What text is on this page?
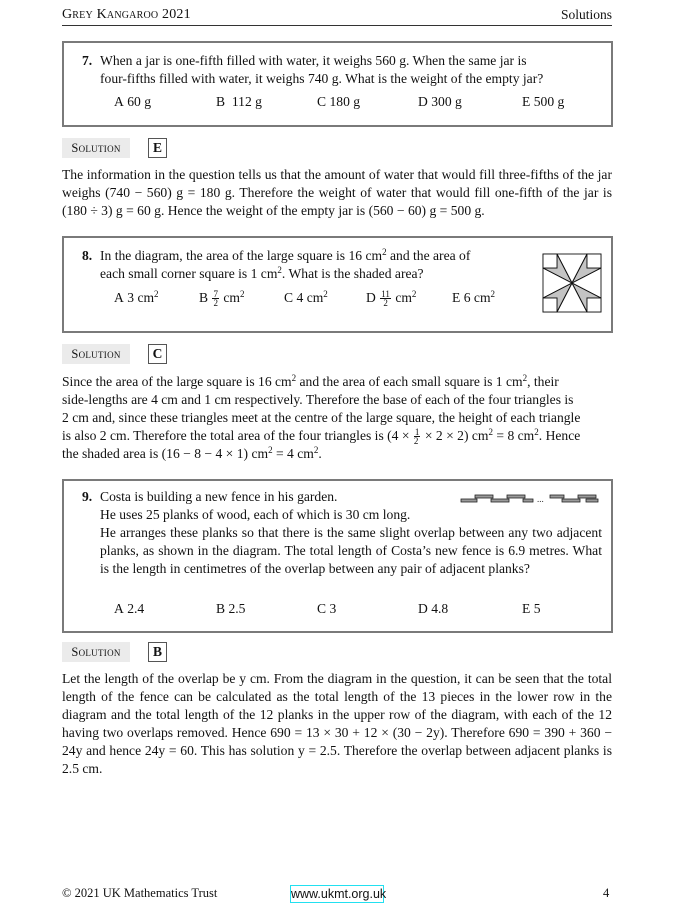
Grey Kangaroo 2021	Solutions
7. When a jar is one-fifth filled with water, it weighs 560 g. When the same jar is
four-fifths filled with water, it weighs 740 g. What is the weight of the empty jar?
A 60 g	B 112 g	C 180 g	D 300 g	E 500 g
Solution	E
The information in the question tells us that the amount of water that would fill three-fifths of the jar weighs (740 − 560) g = 180 g. Therefore the weight of water that would fill one-fifth of the jar is (180 ÷ 3) g = 60 g. Hence the weight of the empty jar is (560 − 60) g = 500 g.
8. In the diagram, the area of the large square is 16 $cm^2$ and the area of
each small corner square is 1 $cm^2$. What is the shaded area?
A 3 $cm^2$	B $\frac{7}{2} cm^2$	C 4 $cm^2$	D $\frac{11}{2} cm^2$	E 6 $cm^2$
Solution	C
Since the area of the large square is 16 $cm^2$ and the area of each small square is 1 $cm^2$, their
side-lengths are 4 cm and 1 cm respectively. Therefore the base of each of the four triangles is
2 cm and, since these triangles meet at the centre of the large square, the height of each triangle
is also 2 cm. Therefore the total area of the four triangles is $(4 \times \frac{1}{2} \times 2 \times 2)$ $cm^2 = 8$ $cm^2$. Hence
the shaded area is (16 − 8 − 4 × 1) $cm^2 = 4$ $cm^2$.
9. Costa is building a new fence in his garden.
He uses 25 planks of wood, each of which is 30 cm long.
He arranges these planks so that there is the same slight overlap between any two adjacent planks, as shown in the diagram. The total length of Costa’s new fence is 6.9 metres. What is the length in centimetres of the overlap between any pair of adjacent planks?
A 2.4	B 2.5	C 3	D 4.8	E 5
...
Solution	B
Let the length of the overlap be y cm. From the diagram in the question, it can be seen that the total length of the fence can be calculated as the total length of the 13 pieces in the lower row in the diagram and the total length of the 12 planks in the upper row of the diagram, with each of the 12 having two overlaps removed. Hence 690 = 13 × 30 + 12 × (30 − 2y). Therefore 690 = 390 + 360 − 24y and hence 24y = 60. This has solution y = 2.5. Therefore the overlap between adjacent planks is 2.5 cm.
© 2021 UK Mathematics Trust	www.ukmt.org.uk	4
